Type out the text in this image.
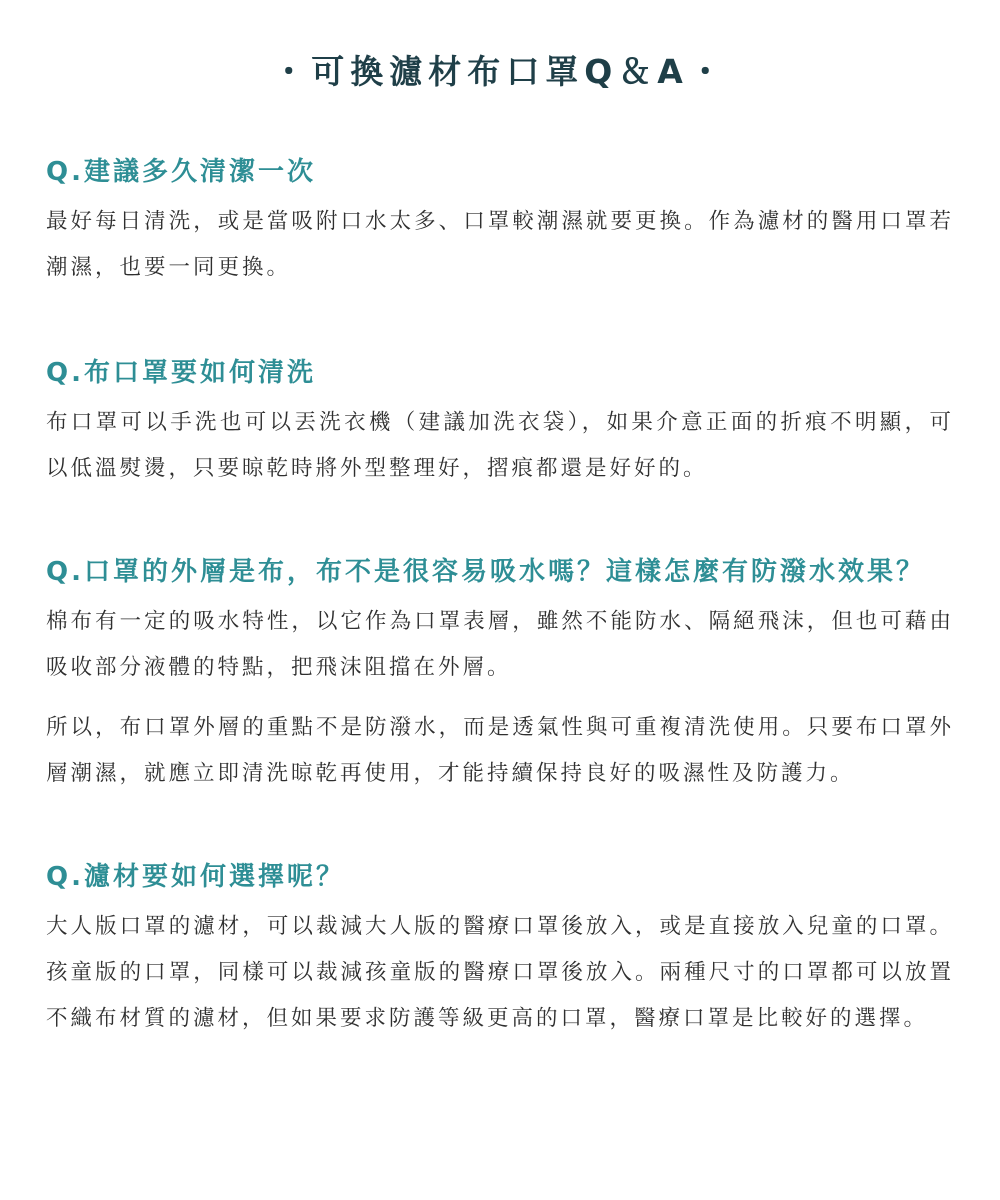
・可換濾材布口罩Q＆A・
Q.建議多久清潔一次

最好每日清洗，或是當吸附口水太多、口罩較潮濕就要更換。作為濾材的醫用口罩若潮濕，也要一同更換。

Q.布口罩要如何清洗

布口罩可以手洗也可以丟洗衣機（建議加洗衣袋），如果介意正面的折痕不明顯，可以低溫熨燙，只要晾乾時將外型整理好，摺痕都還是好好的。

Q.口罩的外層是布，布不是很容易吸水嗎？這樣怎麼有防潑水效果？

棉布有一定的吸水特性，以它作為口罩表層，雖然不能防水、隔絕飛沫，但也可藉由吸收部分液體的特點，把飛沫阻擋在外層。

所以，布口罩外層的重點不是防潑水，而是透氣性與可重複清洗使用。只要布口罩外層潮濕，就應立即清洗晾乾再使用，才能持續保持良好的吸濕性及防護力。

Q.濾材要如何選擇呢？

大人版口罩的濾材，可以裁減大人版的醫療口罩後放入，或是直接放入兒童的口罩。孩童版的口罩，同樣可以裁減孩童版的醫療口罩後放入。兩種尺寸的口罩都可以放置不織布材質的濾材，但如果要求防護等級更高的口罩，醫療口罩是比較好的選擇。
